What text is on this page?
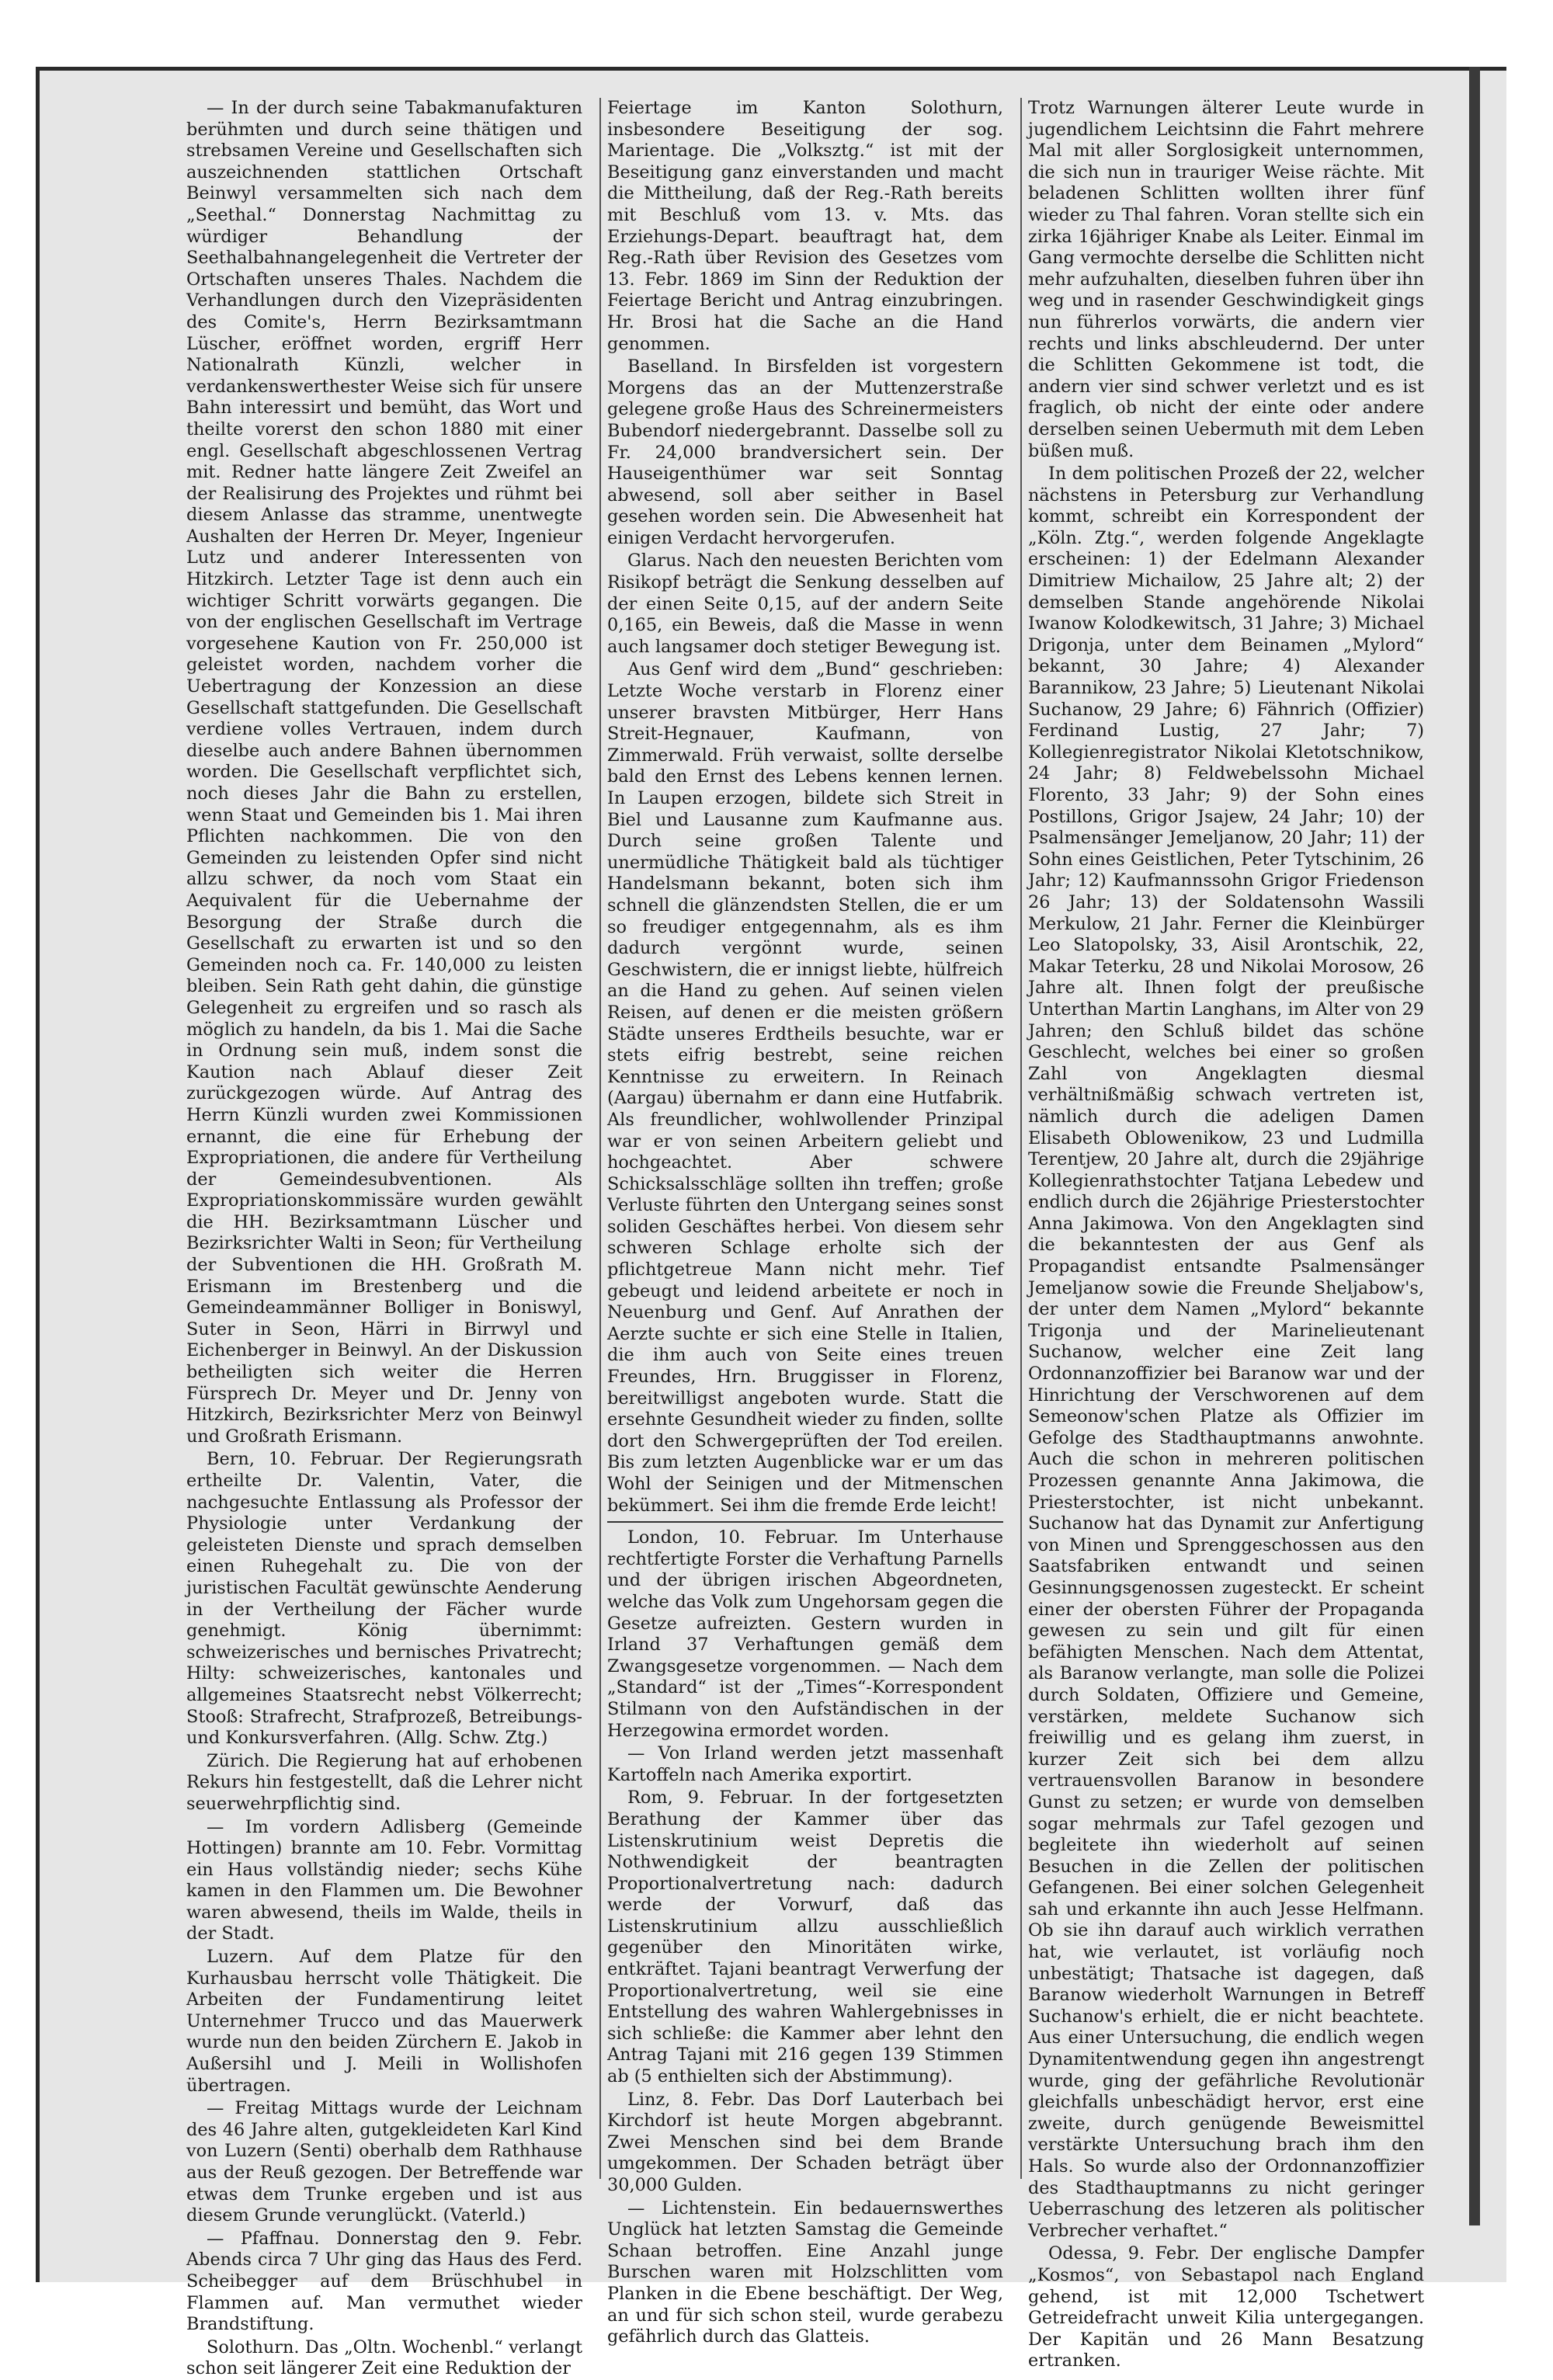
— In der durch seine Tabakmanufakturen berühmten und durch seine thätigen und strebsamen Vereine und Gesellschaften sich auszeichnenden stattlichen Ortschaft Beinwyl versammelten sich nach dem „Seethal.“ Donnerstag Nachmittag zu würdiger Behandlung der Seethalbahnangelegenheit die Vertreter der Ortschaften unseres Thales. Nachdem die Verhandlungen durch den Vizepräsidenten des Comite's, Herrn Bezirksamtmann Lüscher, eröffnet worden, ergriff Herr Nationalrath Künzli, welcher in verdankenswerthester Weise sich für unsere Bahn interessirt und bemüht, das Wort und theilte vorerst den schon 1880 mit einer engl. Gesellschaft abgeschlossenen Vertrag mit. Redner hatte längere Zeit Zweifel an der Realisirung des Projektes und rühmt bei diesem Anlasse das stramme, unentwegte Aushalten der Herren Dr. Meyer, Ingenieur Lutz und anderer Interessenten von Hitzkirch. Letzter Tage ist denn auch ein wichtiger Schritt vorwärts gegangen. Die von der englischen Gesellschaft im Vertrage vorgesehene Kaution von Fr. 250,000 ist geleistet worden, nachdem vorher die Uebertragung der Konzession an diese Gesellschaft stattgefunden. Die Gesellschaft verdiene volles Vertrauen, indem durch dieselbe auch andere Bahnen übernommen worden. Die Gesellschaft verpflichtet sich, noch dieses Jahr die Bahn zu erstellen, wenn Staat und Gemeinden bis 1. Mai ihren Pflichten nachkommen. Die von den Gemeinden zu leistenden Opfer sind nicht allzu schwer, da noch vom Staat ein Aequivalent für die Uebernahme der Besorgung der Straße durch die Gesellschaft zu erwarten ist und so den Gemeinden noch ca. Fr. 140,000 zu leisten bleiben. Sein Rath geht dahin, die günstige Gelegenheit zu ergreifen und so rasch als möglich zu handeln, da bis 1. Mai die Sache in Ordnung sein muß, indem sonst die Kaution nach Ablauf dieser Zeit zurückgezogen würde. Auf Antrag des Herrn Künzli wurden zwei Kommissionen ernannt, die eine für Erhebung der Expropriationen, die andere für Vertheilung der Gemeindesubventionen. Als Expropriationskommissäre wurden gewählt die HH. Bezirksamtmann Lüscher und Bezirksrichter Walti in Seon; für Vertheilung der Subventionen die HH. Großrath M. Erismann im Brestenberg und die Gemeindeammänner Bolliger in Boniswyl, Suter in Seon, Härri in Birrwyl und Eichenberger in Beinwyl. An der Diskussion betheiligten sich weiter die Herren Fürsprech Dr. Meyer und Dr. Jenny von Hitzkirch, Bezirksrichter Merz von Beinwyl und Großrath Erismann.

Bern, 10. Februar. Der Regierungsrath ertheilte Dr. Valentin, Vater, die nachgesuchte Entlassung als Professor der Physiologie unter Verdankung der geleisteten Dienste und sprach demselben einen Ruhegehalt zu. Die von der juristischen Facultät gewünschte Aenderung in der Vertheilung der Fächer wurde genehmigt. König übernimmt: schweizerisches und bernisches Privatrecht; Hilty: schweizerisches, kantonales und allgemeines Staatsrecht nebst Völkerrecht; Stooß: Strafrecht, Strafprozeß, Betreibungs- und Konkursverfahren. (Allg. Schw. Ztg.)

Zürich. Die Regierung hat auf erhobenen Rekurs hin festgestellt, daß die Lehrer nicht seuerwehrpflichtig sind.

— Im vordern Adlisberg (Gemeinde Hottingen) brannte am 10. Febr. Vormittag ein Haus vollständig nieder; sechs Kühe kamen in den Flammen um. Die Bewohner waren abwesend, theils im Walde, theils in der Stadt.

Luzern. Auf dem Platze für den Kurhausbau herrscht volle Thätigkeit. Die Arbeiten der Fundamentirung leitet Unternehmer Trucco und das Mauerwerk wurde nun den beiden Zürchern E. Jakob in Außersihl und J. Meili in Wollishofen übertragen.

— Freitag Mittags wurde der Leichnam des 46 Jahre alten, gutgekleideten Karl Kind von Luzern (Senti) oberhalb dem Rathhause aus der Reuß gezogen. Der Betreffende war etwas dem Trunke ergeben und ist aus diesem Grunde verunglückt. (Vaterld.)

— Pfaffnau. Donnerstag den 9. Febr. Abends circa 7 Uhr ging das Haus des Ferd. Scheibegger auf dem Brüschhubel in Flammen auf. Man vermuthet wieder Brandstiftung.

Solothurn. Das „Oltn. Wochenbl.“ verlangt schon seit längerer Zeit eine Reduktion der

Feiertage im Kanton Solothurn, insbesondere Beseitigung der sog. Marientage. Die „Volksztg.“ ist mit der Beseitigung ganz einverstanden und macht die Mittheilung, daß der Reg.-Rath bereits mit Beschluß vom 13. v. Mts. das Erziehungs-Depart. beauftragt hat, dem Reg.-Rath über Revision des Gesetzes vom 13. Febr. 1869 im Sinn der Reduktion der Feiertage Bericht und Antrag einzubringen. Hr. Brosi hat die Sache an die Hand genommen.

Baselland. In Birsfelden ist vorgestern Morgens das an der Muttenzerstraße gelegene große Haus des Schreinermeisters Bubendorf niedergebrannt. Dasselbe soll zu Fr. 24,000 brandversichert sein. Der Hauseigenthümer war seit Sonntag abwesend, soll aber seither in Basel gesehen worden sein. Die Abwesenheit hat einigen Verdacht hervorgerufen.

Glarus. Nach den neuesten Berichten vom Risikopf beträgt die Senkung desselben auf der einen Seite 0,15, auf der andern Seite 0,165, ein Beweis, daß die Masse in wenn auch langsamer doch stetiger Bewegung ist.

Aus Genf wird dem „Bund“ geschrieben: Letzte Woche verstarb in Florenz einer unserer bravsten Mitbürger, Herr Hans Streit-Hegnauer, Kaufmann, von Zimmerwald. Früh verwaist, sollte derselbe bald den Ernst des Lebens kennen lernen. In Laupen erzogen, bildete sich Streit in Biel und Lausanne zum Kaufmanne aus. Durch seine großen Talente und unermüdliche Thätigkeit bald als tüchtiger Handelsmann bekannt, boten sich ihm schnell die glänzendsten Stellen, die er um so freudiger entgegennahm, als es ihm dadurch vergönnt wurde, seinen Geschwistern, die er innigst liebte, hülfreich an die Hand zu gehen. Auf seinen vielen Reisen, auf denen er die meisten größern Städte unseres Erdtheils besuchte, war er stets eifrig bestrebt, seine reichen Kenntnisse zu erweitern. In Reinach (Aargau) übernahm er dann eine Hutfabrik. Als freundlicher, wohlwollender Prinzipal war er von seinen Arbeitern geliebt und hochgeachtet. Aber schwere Schicksalsschläge sollten ihn treffen; große Verluste führten den Untergang seines sonst soliden Geschäftes herbei. Von diesem sehr schweren Schlage erholte sich der pflichtgetreue Mann nicht mehr. Tief gebeugt und leidend arbeitete er noch in Neuenburg und Genf. Auf Anrathen der Aerzte suchte er sich eine Stelle in Italien, die ihm auch von Seite eines treuen Freundes, Hrn. Bruggisser in Florenz, bereitwilligst angeboten wurde. Statt die ersehnte Gesundheit wieder zu finden, sollte dort den Schwergeprüften der Tod ereilen. Bis zum letzten Augenblicke war er um das Wohl der Seinigen und der Mitmenschen bekümmert. Sei ihm die fremde Erde leicht!

London, 10. Februar. Im Unterhause rechtfertigte Forster die Verhaftung Parnells und der übrigen irischen Abgeordneten, welche das Volk zum Ungehorsam gegen die Gesetze aufreizten. Gestern wurden in Irland 37 Verhaftungen gemäß dem Zwangsgesetze vorgenommen. — Nach dem „Standard“ ist der „Times“-Korrespondent Stilmann von den Aufständischen in der Herzegowina ermordet worden.

— Von Irland werden jetzt massenhaft Kartoffeln nach Amerika exportirt.

Rom, 9. Februar. In der fortgesetzten Berathung der Kammer über das Listenskrutinium weist Depretis die Nothwendigkeit der beantragten Proportionalvertretung nach: dadurch werde der Vorwurf, daß das Listenskrutinium allzu ausschließlich gegenüber den Minoritäten wirke, entkräftet. Tajani beantragt Verwerfung der Proportionalvertretung, weil sie eine Entstellung des wahren Wahlergebnisses in sich schließe: die Kammer aber lehnt den Antrag Tajani mit 216 gegen 139 Stimmen ab (5 enthielten sich der Abstimmung).

Linz, 8. Febr. Das Dorf Lauterbach bei Kirchdorf ist heute Morgen abgebrannt. Zwei Menschen sind bei dem Brande umgekommen. Der Schaden beträgt über 30,000 Gulden.

— Lichtenstein. Ein bedauernswerthes Unglück hat letzten Samstag die Gemeinde Schaan betroffen. Eine Anzahl junge Burschen waren mit Holzschlitten vom Planken in die Ebene beschäftigt. Der Weg, an und für sich schon steil, wurde gerabezu gefährlich durch das Glatteis.

Trotz Warnungen älterer Leute wurde in jugendlichem Leichtsinn die Fahrt mehrere Mal mit aller Sorglosigkeit unternommen, die sich nun in trauriger Weise rächte. Mit beladenen Schlitten wollten ihrer fünf wieder zu Thal fahren. Voran stellte sich ein zirka 16jähriger Knabe als Leiter. Einmal im Gang vermochte derselbe die Schlitten nicht mehr aufzuhalten, dieselben fuhren über ihn weg und in rasender Geschwindigkeit gings nun führerlos vorwärts, die andern vier rechts und links abschleudernd. Der unter die Schlitten Gekommene ist todt, die andern vier sind schwer verletzt und es ist fraglich, ob nicht der einte oder andere derselben seinen Uebermuth mit dem Leben büßen muß.

In dem politischen Prozeß der 22, welcher nächstens in Petersburg zur Verhandlung kommt, schreibt ein Korrespondent der „Köln. Ztg.“, werden folgende Angeklagte erscheinen: 1) der Edelmann Alexander Dimitriew Michailow, 25 Jahre alt; 2) der demselben Stande angehörende Nikolai Iwanow Kolodkewitsch, 31 Jahre; 3) Michael Drigonja, unter dem Beinamen „Mylord“ bekannt, 30 Jahre; 4) Alexander Barannikow, 23 Jahre; 5) Lieutenant Nikolai Suchanow, 29 Jahre; 6) Fähnrich (Offizier) Ferdinand Lustig, 27 Jahr; 7) Kollegienregistrator Nikolai Kletotschnikow, 24 Jahr; 8) Feldwebelssohn Michael Florento, 33 Jahr; 9) der Sohn eines Postillons, Grigor Jsajew, 24 Jahr; 10) der Psalmensänger Jemeljanow, 20 Jahr; 11) der Sohn eines Geistlichen, Peter Tytschinim, 26 Jahr; 12) Kaufmannssohn Grigor Friedenson 26 Jahr; 13) der Soldatensohn Wassili Merkulow, 21 Jahr. Ferner die Kleinbürger Leo Slatopolsky, 33, Aisil Arontschik, 22, Makar Teterku, 28 und Nikolai Morosow, 26 Jahre alt. Ihnen folgt der preußische Unterthan Martin Langhans, im Alter von 29 Jahren; den Schluß bildet das schöne Geschlecht, welches bei einer so großen Zahl von Angeklagten diesmal verhältnißmäßig schwach vertreten ist, nämlich durch die adeligen Damen Elisabeth Oblowenikow, 23 und Ludmilla Terentjew, 20 Jahre alt, durch die 29jährige Kollegienrathstochter Tatjana Lebedew und endlich durch die 26jährige Priesterstochter Anna Jakimowa. Von den Angeklagten sind die bekanntesten der aus Genf als Propagandist entsandte Psalmensänger Jemeljanow sowie die Freunde Sheljabow's, der unter dem Namen „Mylord“ bekannte Trigonja und der Marinelieutenant Suchanow, welcher eine Zeit lang Ordonnanzoffizier bei Baranow war und der Hinrichtung der Verschworenen auf dem Semeonow'schen Platze als Offizier im Gefolge des Stadthauptmanns anwohnte. Auch die schon in mehreren politischen Prozessen genannte Anna Jakimowa, die Priesterstochter, ist nicht unbekannt. Suchanow hat das Dynamit zur Anfertigung von Minen und Sprenggeschossen aus den Saatsfabriken entwandt und seinen Gesinnungsgenossen zugesteckt. Er scheint einer der obersten Führer der Propaganda gewesen zu sein und gilt für einen befähigten Menschen. Nach dem Attentat, als Baranow verlangte, man solle die Polizei durch Soldaten, Offiziere und Gemeine, verstärken, meldete Suchanow sich freiwillig und es gelang ihm zuerst, in kurzer Zeit sich bei dem allzu vertrauensvollen Baranow in besondere Gunst zu setzen; er wurde von demselben sogar mehrmals zur Tafel gezogen und begleitete ihn wiederholt auf seinen Besuchen in die Zellen der politischen Gefangenen. Bei einer solchen Gelegenheit sah und erkannte ihn auch Jesse Helfmann. Ob sie ihn darauf auch wirklich verrathen hat, wie verlautet, ist vorläufig noch unbestätigt; Thatsache ist dagegen, daß Baranow wiederholt Warnungen in Betreff Suchanow's erhielt, die er nicht beachtete. Aus einer Untersuchung, die endlich wegen Dynamitentwendung gegen ihn angestrengt wurde, ging der gefährliche Revolutionär gleichfalls unbeschädigt hervor, erst eine zweite, durch genügende Beweismittel verstärkte Untersuchung brach ihm den Hals. So wurde also der Ordonnanzoffizier des Stadthauptmanns zu nicht geringer Ueberraschung des letzeren als politischer Verbrecher verhaftet.“

Odessa, 9. Febr. Der englische Dampfer „Kosmos“, von Sebastapol nach England gehend, ist mit 12,000 Tschetwert Getreidefracht unweit Kilia untergegangen. Der Kapitän und 26 Mann Besatzung ertranken.
